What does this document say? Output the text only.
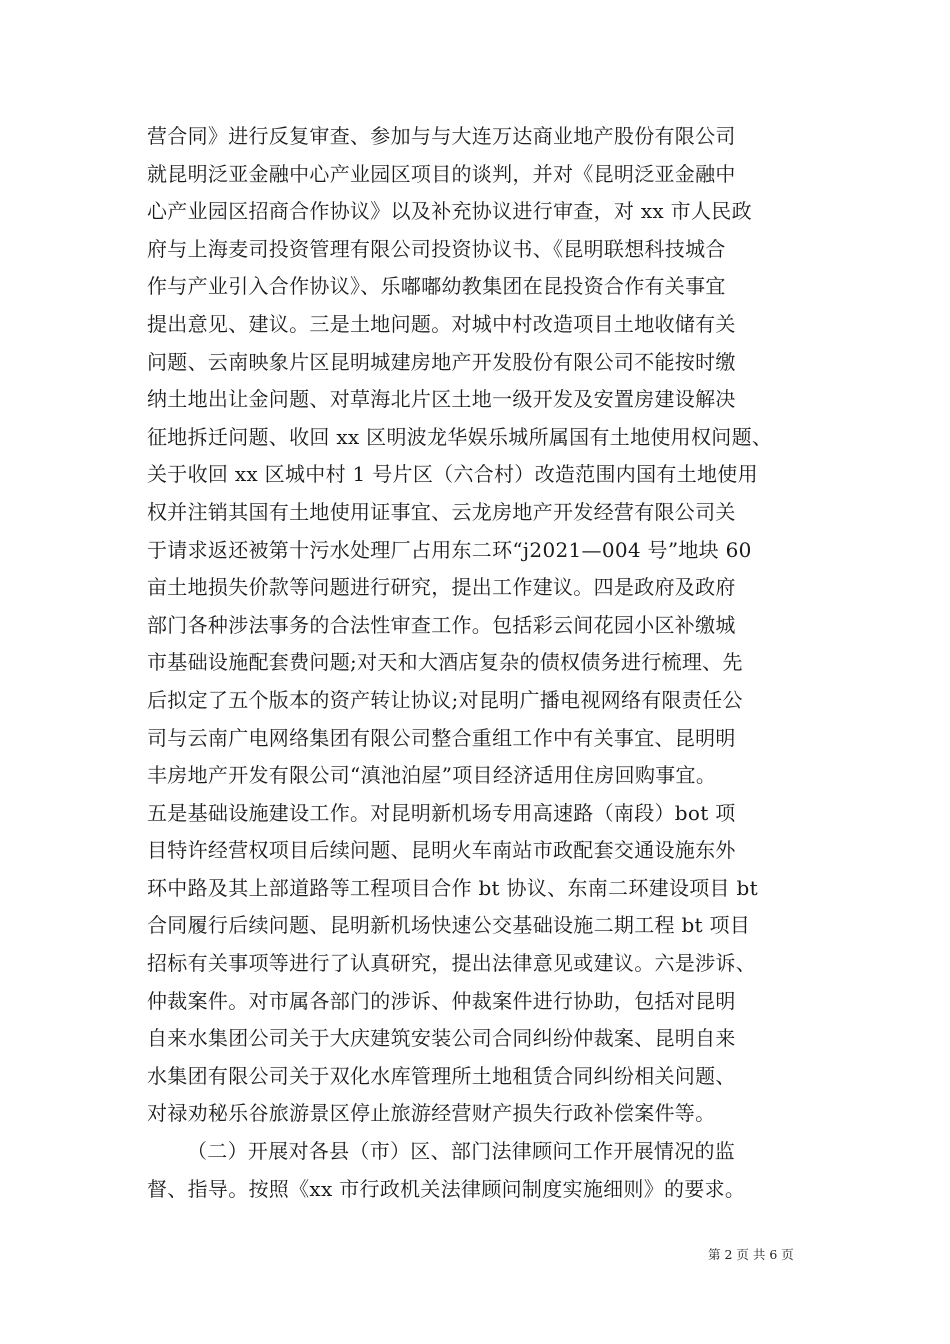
营合同》进行反复审查、参加与与大连万达商业地产股份有限公司
就昆明泛亚金融中心产业园区项目的谈判，并对《昆明泛亚金融中
心产业园区招商合作协议》以及补充协议进行审查，对 xx 市人民政
府与上海麦司投资管理有限公司投资协议书、《昆明联想科技城合
作与产业引入合作协议》、乐嘟嘟幼教集团在昆投资合作有关事宜
提出意见、建议。三是土地问题。对城中村改造项目土地收储有关
问题、云南映象片区昆明城建房地产开发股份有限公司不能按时缴
纳土地出让金问题、对草海北片区土地一级开发及安置房建设解决
征地拆迁问题、收回 xx 区明波龙华娱乐城所属国有土地使用权问题、
关于收回 xx 区城中村 1 号片区（六合村）改造范围内国有土地使用
权并注销其国有土地使用证事宜、云龙房地产开发经营有限公司关
于请求返还被第十污水处理厂占用东二环“j2021—004 号”地块 60
亩土地损失价款等问题进行研究，提出工作建议。四是政府及政府
部门各种涉法事务的合法性审查工作。包括彩云间花园小区补缴城
市基础设施配套费问题;对天和大酒店复杂的债权债务进行梳理、先
后拟定了五个版本的资产转让协议;对昆明广播电视网络有限责任公
司与云南广电网络集团有限公司整合重组工作中有关事宜、昆明明
丰房地产开发有限公司“滇池泊屋”项目经济适用住房回购事宜。
五是基础设施建设工作。对昆明新机场专用高速路（南段）bot 项
目特许经营权项目后续问题、昆明火车南站市政配套交通设施东外
环中路及其上部道路等工程项目合作 bt 协议、东南二环建设项目 bt
合同履行后续问题、昆明新机场快速公交基础设施二期工程 bt 项目
招标有关事项等进行了认真研究，提出法律意见或建议。六是涉诉、
仲裁案件。对市属各部门的涉诉、仲裁案件进行协助，包括对昆明
自来水集团公司关于大庆建筑安装公司合同纠纷仲裁案、昆明自来
水集团有限公司关于双化水库管理所土地租赁合同纠纷相关问题、
对禄劝秘乐谷旅游景区停止旅游经营财产损失行政补偿案件等。
（二）开展对各县（市）区、部门法律顾问工作开展情况的监
督、指导。按照《xx 市行政机关法律顾问制度实施细则》的要求。
第 2 页 共 6 页
